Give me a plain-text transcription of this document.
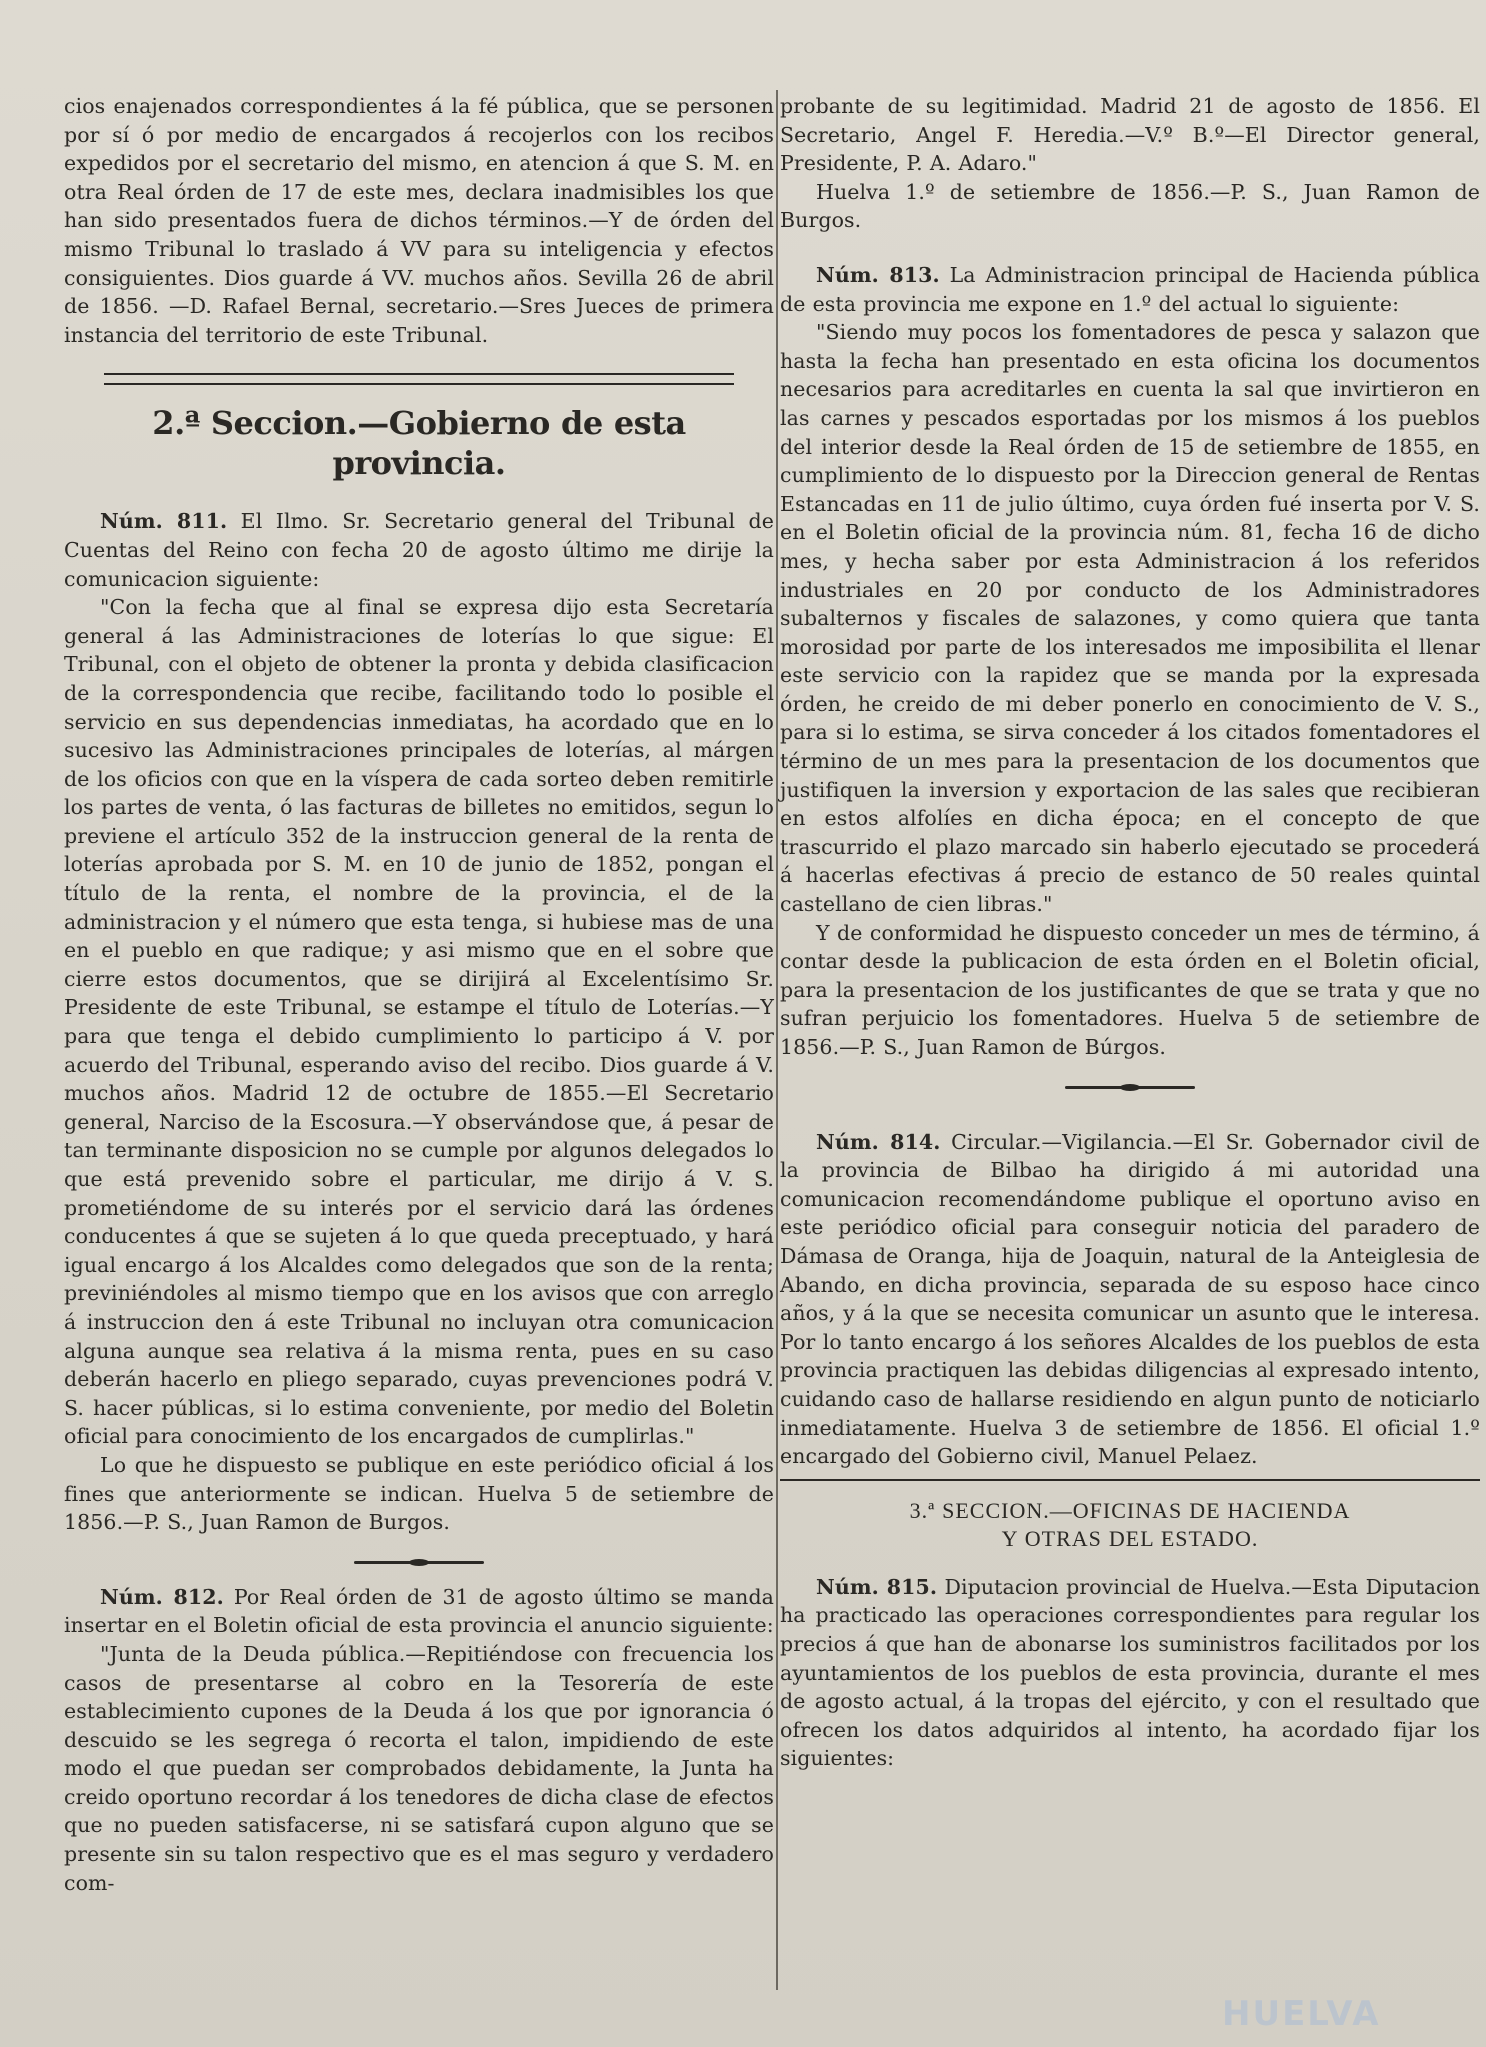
cios enajenados correspondientes á la fé pública, que se personen por sí ó por medio de encargados á recojerlos con los recibos expedidos por el secretario del mismo, en atencion á que S. M. en otra Real órden de 17 de este mes, declara inadmisibles los que han sido presentados fuera de dichos términos.—Y de órden del mismo Tribunal lo traslado á VV para su inteligencia y efectos consiguientes. Dios guarde á VV. muchos años. Sevilla 26 de abril de 1856. —D. Rafael Bernal, secretario.—Sres Jueces de primera instancia del territorio de este Tribunal.

2.ª Seccion.—Gobierno de esta provincia.

Núm. 811. El Ilmo. Sr. Secretario general del Tribunal de Cuentas del Reino con fecha 20 de agosto último me dirije la comunicacion siguiente:

"Con la fecha que al final se expresa dijo esta Secretaría general á las Administraciones de loterías lo que sigue: El Tribunal, con el objeto de obtener la pronta y debida clasificacion de la correspondencia que recibe, facilitando todo lo posible el servicio en sus dependencias inmediatas, ha acordado que en lo sucesivo las Administraciones principales de loterías, al márgen de los oficios con que en la víspera de cada sorteo deben remitirle los partes de venta, ó las facturas de billetes no emitidos, segun lo previene el artículo 352 de la instruccion general de la renta de loterías aprobada por S. M. en 10 de junio de 1852, pongan el título de la renta, el nombre de la provincia, el de la administracion y el número que esta tenga, si hubiese mas de una en el pueblo en que radique; y asi mismo que en el sobre que cierre estos documentos, que se dirijirá al Excelentísimo Sr. Presidente de este Tribunal, se estampe el título de Loterías.—Y para que tenga el debido cumplimiento lo participo á V. por acuerdo del Tribunal, esperando aviso del recibo. Dios guarde á V. muchos años. Madrid 12 de octubre de 1855.—El Secretario general, Narciso de la Escosura.—Y observándose que, á pesar de tan terminante disposicion no se cumple por algunos delegados lo que está prevenido sobre el particular, me dirijo á V. S. prometiéndome de su interés por el servicio dará las órdenes conducentes á que se sujeten á lo que queda preceptuado, y hará igual encargo á los Alcaldes como delegados que son de la renta; previniéndoles al mismo tiempo que en los avisos que con arreglo á instruccion den á este Tribunal no incluyan otra comunicacion alguna aunque sea relativa á la misma renta, pues en su caso deberán hacerlo en pliego separado, cuyas prevenciones podrá V. S. hacer públicas, si lo estima conveniente, por medio del Boletin oficial para conocimiento de los encargados de cumplirlas."

Lo que he dispuesto se publique en este periódico oficial á los fines que anteriormente se indican. Huelva 5 de setiembre de 1856.—P. S., Juan Ramon de Burgos.

Núm. 812. Por Real órden de 31 de agosto último se manda insertar en el Boletin oficial de esta provincia el anuncio siguiente:

"Junta de la Deuda pública.—Repitiéndose con frecuencia los casos de presentarse al cobro en la Tesorería de este establecimiento cupones de la Deuda á los que por ignorancia ó descuido se les segrega ó recorta el talon, impidiendo de este modo el que puedan ser comprobados debidamente, la Junta ha creido oportuno recordar á los tenedores de dicha clase de efectos que no pueden satisfacerse, ni se satisfará cupon alguno que se presente sin su talon respectivo que es el mas seguro y verdadero com-

probante de su legitimidad. Madrid 21 de agosto de 1856. El Secretario, Angel F. Heredia.—V.º B.º—El Director general, Presidente, P. A. Adaro."

Huelva 1.º de setiembre de 1856.—P. S., Juan Ramon de Burgos.

Núm. 813. La Administracion principal de Hacienda pública de esta provincia me expone en 1.º del actual lo siguiente:

"Siendo muy pocos los fomentadores de pesca y salazon que hasta la fecha han presentado en esta oficina los documentos necesarios para acreditarles en cuenta la sal que invirtieron en las carnes y pescados esportadas por los mismos á los pueblos del interior desde la Real órden de 15 de setiembre de 1855, en cumplimiento de lo dispuesto por la Direccion general de Rentas Estancadas en 11 de julio último, cuya órden fué inserta por V. S. en el Boletin oficial de la provincia núm. 81, fecha 16 de dicho mes, y hecha saber por esta Administracion á los referidos industriales en 20 por conducto de los Administradores subalternos y fiscales de salazones, y como quiera que tanta morosidad por parte de los interesados me imposibilita el llenar este servicio con la rapidez que se manda por la expresada órden, he creido de mi deber ponerlo en conocimiento de V. S., para si lo estima, se sirva conceder á los citados fomentadores el término de un mes para la presentacion de los documentos que justifiquen la inversion y exportacion de las sales que recibieran en estos alfolíes en dicha época; en el concepto de que trascurrido el plazo marcado sin haberlo ejecutado se procederá á hacerlas efectivas á precio de estanco de 50 reales quintal castellano de cien libras."

Y de conformidad he dispuesto conceder un mes de término, á contar desde la publicacion de esta órden en el Boletin oficial, para la presentacion de los justificantes de que se trata y que no sufran perjuicio los fomentadores. Huelva 5 de setiembre de 1856.—P. S., Juan Ramon de Búrgos.

Núm. 814. Circular.—Vigilancia.—El Sr. Gobernador civil de la provincia de Bilbao ha dirigido á mi autoridad una comunicacion recomendándome publique el oportuno aviso en este periódico oficial para conseguir noticia del paradero de Dámasa de Oranga, hija de Joaquin, natural de la Anteiglesia de Abando, en dicha provincia, separada de su esposo hace cinco años, y á la que se necesita comunicar un asunto que le interesa. Por lo tanto encargo á los señores Alcaldes de los pueblos de esta provincia practiquen las debidas diligencias al expresado intento, cuidando caso de hallarse residiendo en algun punto de noticiarlo inmediatamente. Huelva 3 de setiembre de 1856. El oficial 1.º encargado del Gobierno civil, Manuel Pelaez.

3.ª SECCION.—OFICINAS DE HACIENDA
Y OTRAS DEL ESTADO.

Núm. 815. Diputacion provincial de Huelva.—Esta Diputacion ha practicado las operaciones correspondientes para regular los precios á que han de abonarse los suministros facilitados por los ayuntamientos de los pueblos de esta provincia, durante el mes de agosto actual, á la tropas del ejército, y con el resultado que ofrecen los datos adquiridos al intento, ha acordado fijar los siguientes:

HUELVA
